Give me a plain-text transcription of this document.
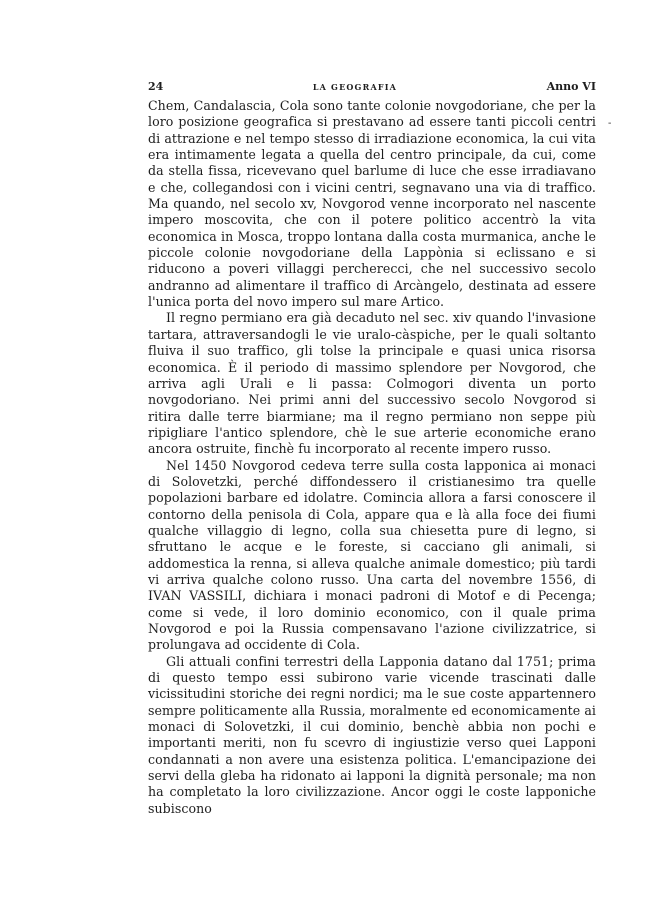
-
24	LA GEOGRAFIA	Anno VI

Chem, Candalascia, Cola sono tante colonie novgodoriane, che per la loro posizione geografica si prestavano ad essere tanti piccoli centri di attrazione e nel tempo stesso di irradiazione economica, la cui vita era intimamente legata a quella del centro principale, da cui, come da stella fissa, ricevevano quel barlume di luce che esse irradiavano e che, collegandosi con i vicini centri, segnavano una via di traffico. Ma quando, nel secolo xv, Novgorod venne incorporato nel nascente impero moscovita, che con il potere politico accentrò la vita economica in Mosca, troppo lontana dalla costa murmanica, anche le piccole colonie novgodoriane della Lappònia si eclissano e si riducono a poveri villaggi percherecci, che nel successivo secolo andranno ad alimentare il traffico di Arcàngelo, destinata ad essere l'unica porta del novo impero sul mare Artico.

Il regno permiano era già decaduto nel sec. xiv quando l'invasione tartara, attraversandogli le vie uralo-càspiche, per le quali soltanto fluiva il suo traffico, gli tolse la principale e quasi unica risorsa economica. È il periodo di massimo splendore per Novgorod, che arriva agli Urali e li passa: Colmogori diventa un porto novgodoriano. Nei primi anni del successivo secolo Novgorod si ritira dalle terre biarmiane; ma il regno permiano non seppe più ripigliare l'antico splendore, chè le sue arterie economiche erano ancora ostruite, finchè fu incorporato al recente impero russo.

Nel 1450 Novgorod cedeva terre sulla costa lapponica ai monaci di Solovetzki, perché diffondessero il cristianesimo tra quelle popolazioni barbare ed idolatre. Comincia allora a farsi conoscere il contorno della penisola di Cola, appare qua e là alla foce dei fiumi qualche villaggio di legno, colla sua chiesetta pure di legno, si sfruttano le acque e le foreste, si cacciano gli animali, si addomestica la renna, si alleva qualche animale domestico; più tardi vi arriva qualche colono russo. Una carta del novembre 1556, di IVAN VASSILI, dichiara i monaci padroni di Motof e di Pecenga; come si vede, il loro dominio economico, con il quale prima Novgorod e poi la Russia compensavano l'azione civilizzatrice, si prolungava ad occidente di Cola.

Gli attuali confini terrestri della Lapponia datano dal 1751; prima di questo tempo essi subirono varie vicende trascinati dalle vicissitudini storiche dei regni nordici; ma le sue coste appartennero sempre politicamente alla Russia, moralmente ed economicamente ai monaci di Solovetzki, il cui dominio, benchè abbia non pochi e importanti meriti, non fu scevro di ingiustizie verso quei Lapponi condannati a non avere una esistenza politica. L'emancipazione dei servi della gleba ha ridonato ai lapponi la dignità personale; ma non ha completato la loro civilizzazione. Ancor oggi le coste lapponiche subiscono
